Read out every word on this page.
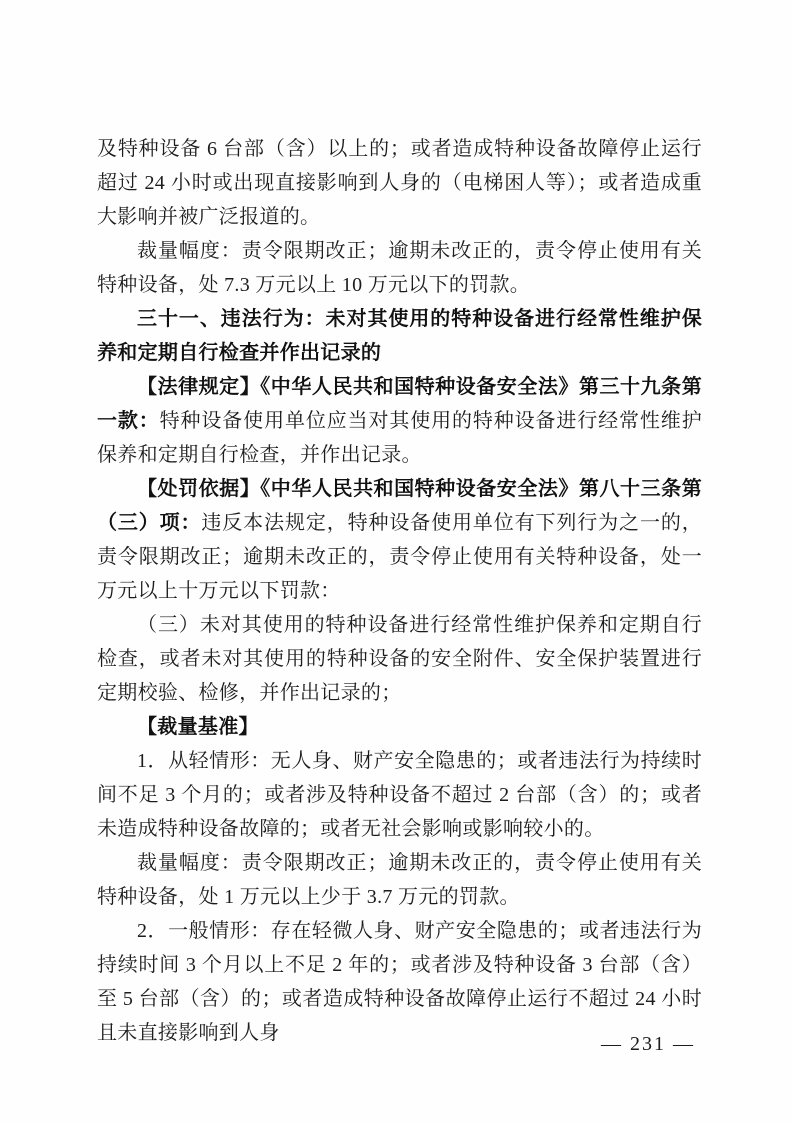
及特种设备 6 台部（含）以上的；或者造成特种设备故障停止运行超过 24 小时或出现直接影响到人身的（电梯困人等）；或者造成重大影响并被广泛报道的。

裁量幅度：责令限期改正；逾期未改正的，责令停止使用有关特种设备，处 7.3 万元以上 10 万元以下的罚款。

三十一、违法行为：未对其使用的特种设备进行经常性维护保养和定期自行检查并作出记录的

【法律规定】《中华人民共和国特种设备安全法》第三十九条第一款：特种设备使用单位应当对其使用的特种设备进行经常性维护保养和定期自行检查，并作出记录。

【处罚依据】《中华人民共和国特种设备安全法》第八十三条第（三）项：违反本法规定，特种设备使用单位有下列行为之一的，责令限期改正；逾期未改正的，责令停止使用有关特种设备，处一万元以上十万元以下罚款：

（三）未对其使用的特种设备进行经常性维护保养和定期自行检查，或者未对其使用的特种设备的安全附件、安全保护装置进行定期校验、检修，并作出记录的；

【裁量基准】

1．从轻情形：无人身、财产安全隐患的；或者违法行为持续时间不足 3 个月的；或者涉及特种设备不超过 2 台部（含）的；或者未造成特种设备故障的；或者无社会影响或影响较小的。

裁量幅度：责令限期改正；逾期未改正的，责令停止使用有关特种设备，处 1 万元以上少于 3.7 万元的罚款。

2．一般情形：存在轻微人身、财产安全隐患的；或者违法行为持续时间 3 个月以上不足 2 年的；或者涉及特种设备 3 台部（含）至 5 台部（含）的；或者造成特种设备故障停止运行不超过 24 小时且未直接影响到人身	— 231 —
